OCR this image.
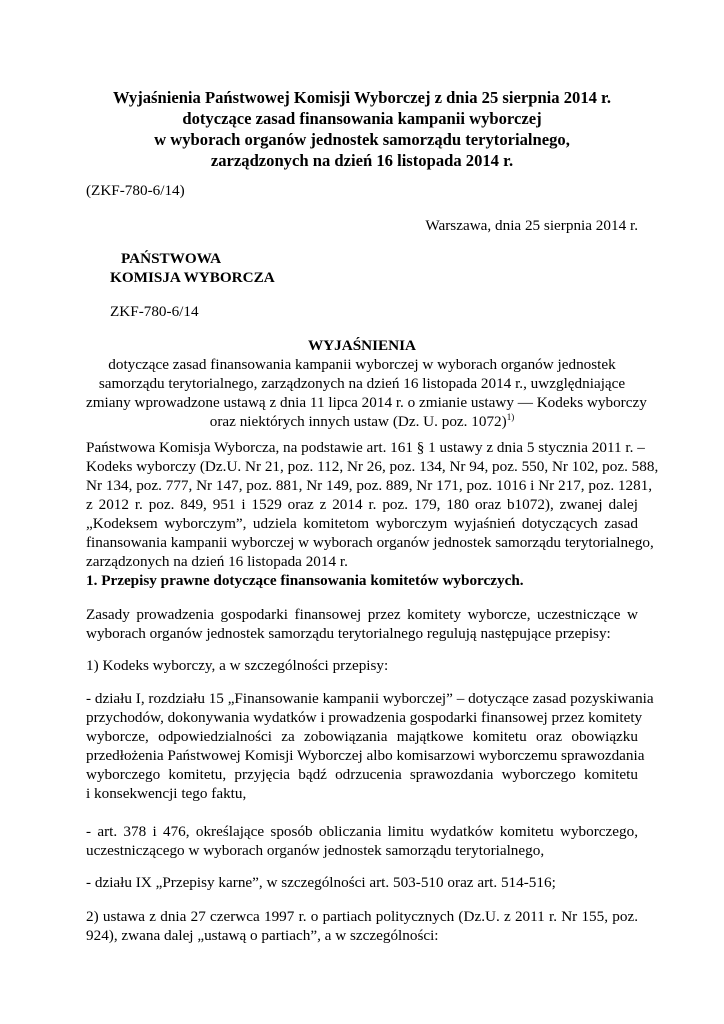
Wyjaśnienia Państwowej Komisji Wyborczej z dnia 25 sierpnia 2014 r.
dotyczące zasad finansowania kampanii wyborczej
w wyborach organów jednostek samorządu terytorialnego,
zarządzonych na dzień 16 listopada 2014 r.
(ZKF-780-6/14)
Warszawa, dnia 25 sierpnia 2014 r.
PAŃSTWOWA
KOMISJA WYBORCZA
ZKF-780-6/14
WYJAŚNIENIA
dotyczące zasad finansowania kampanii wyborczej w wyborach organów jednostek
samorządu terytorialnego, zarządzonych na dzień 16 listopada 2014 r., uwzględniające
zmiany wprowadzone ustawą z dnia 11 lipca 2014 r. o zmianie ustawy — Kodeks wyborczy
oraz niektórych innych ustaw (Dz. U. poz. 1072)$^{1)}$
Państwowa Komisja Wyborcza, na podstawie art. 161 § 1 ustawy z dnia 5 stycznia 2011 r. –
Kodeks wyborczy (Dz.U. Nr 21, poz. 112, Nr 26, poz. 134, Nr 94, poz. 550, Nr 102, poz. 588,
Nr 134, poz. 777, Nr 147, poz. 881, Nr 149, poz. 889, Nr 171, poz. 1016 i Nr 217, poz. 1281,
z 2012 r. poz. 849, 951 i 1529 oraz z 2014 r. poz. 179, 180 oraz b1072), zwanej dalej
„Kodeksem wyborczym”, udziela komitetom wyborczym wyjaśnień dotyczących zasad
finansowania kampanii wyborczej w wyborach organów jednostek samorządu terytorialnego,
zarządzonych na dzień 16 listopada 2014 r.
1. Przepisy prawne dotyczące finansowania komitetów wyborczych.
Zasady prowadzenia gospodarki finansowej przez komitety wyborcze, uczestniczące w
wyborach organów jednostek samorządu terytorialnego regulują następujące przepisy:
1) Kodeks wyborczy, a w szczególności przepisy:
- działu I, rozdziału 15 „Finansowanie kampanii wyborczej” – dotyczące zasad pozyskiwania
przychodów, dokonywania wydatków i prowadzenia gospodarki finansowej przez komitety
wyborcze, odpowiedzialności za zobowiązania majątkowe komitetu oraz obowiązku
przedłożenia Państwowej Komisji Wyborczej albo komisarzowi wyborczemu sprawozdania
wyborczego komitetu, przyjęcia bądź odrzucenia sprawozdania wyborczego komitetu
i konsekwencji tego faktu,
- art. 378 i 476, określające sposób obliczania limitu wydatków komitetu wyborczego,
uczestniczącego w wyborach organów jednostek samorządu terytorialnego,
- działu IX „Przepisy karne”, w szczególności art. 503-510 oraz art. 514-516;
2) ustawa z dnia 27 czerwca 1997 r. o partiach politycznych (Dz.U. z 2011 r. Nr 155, poz.
924), zwana dalej „ustawą o partiach”, a w szczególności:
